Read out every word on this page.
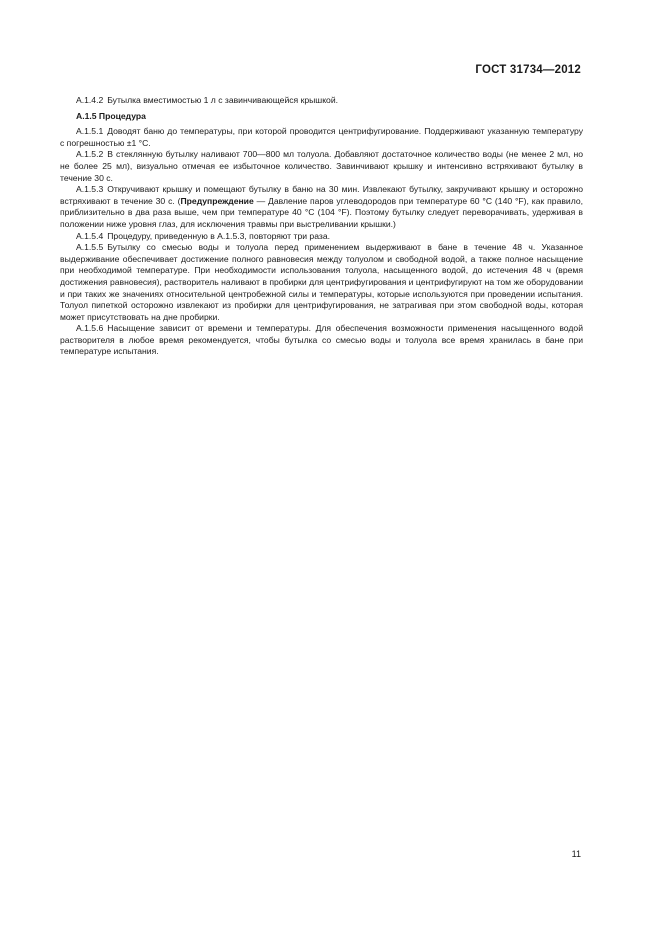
ГОСТ 31734—2012

А.1.4.2 Бутылка вместимостью 1 л с завинчивающейся крышкой.

А.1.5 Процедура

А.1.5.1 Доводят баню до температуры, при которой проводится центрифугирование. Поддерживают указанную температуру с погрешностью ±1 °С.

А.1.5.2 В стеклянную бутылку наливают 700—800 мл толуола. Добавляют достаточное количество воды (не менее 2 мл, но не более 25 мл), визуально отмечая ее избыточное количество. Завинчивают крышку и интенсивно встряхивают бутылку в течение 30 с.

А.1.5.3 Откручивают крышку и помещают бутылку в баню на 30 мин. Извлекают бутылку, закручивают крышку и осторожно встряхивают в течение 30 с. (Предупреждение — Давление паров углеводородов при температуре 60 °С (140 °F), как правило, приблизительно в два раза выше, чем при температуре 40 °С (104 °F). Поэтому бутылку следует переворачивать, удерживая в положении ниже уровня глаз, для исключения травмы при выстреливании крышки.)

А.1.5.4 Процедуру, приведенную в А.1.5.3, повторяют три раза.

А.1.5.5 Бутылку со смесью воды и толуола перед применением выдерживают в бане в течение 48 ч. Указанное выдерживание обеспечивает достижение полного равновесия между толуолом и свободной водой, а также полное насыщение при необходимой температуре. При необходимости использования толуола, насыщенного водой, до истечения 48 ч (время достижения равновесия), растворитель наливают в пробирки для центрифугирования и центрифугируют на том же оборудовании и при таких же значениях относительной центробежной силы и температуры, которые используются при проведении испытания. Толуол пипеткой осторожно извлекают из пробирки для центрифугирования, не затрагивая при этом свободной воды, которая может присутствовать на дне пробирки.

А.1.5.6 Насыщение зависит от времени и температуры. Для обеспечения возможности применения насыщенного водой растворителя в любое время рекомендуется, чтобы бутылка со смесью воды и толуола все время хранилась в бане при температуре испытания.

11
